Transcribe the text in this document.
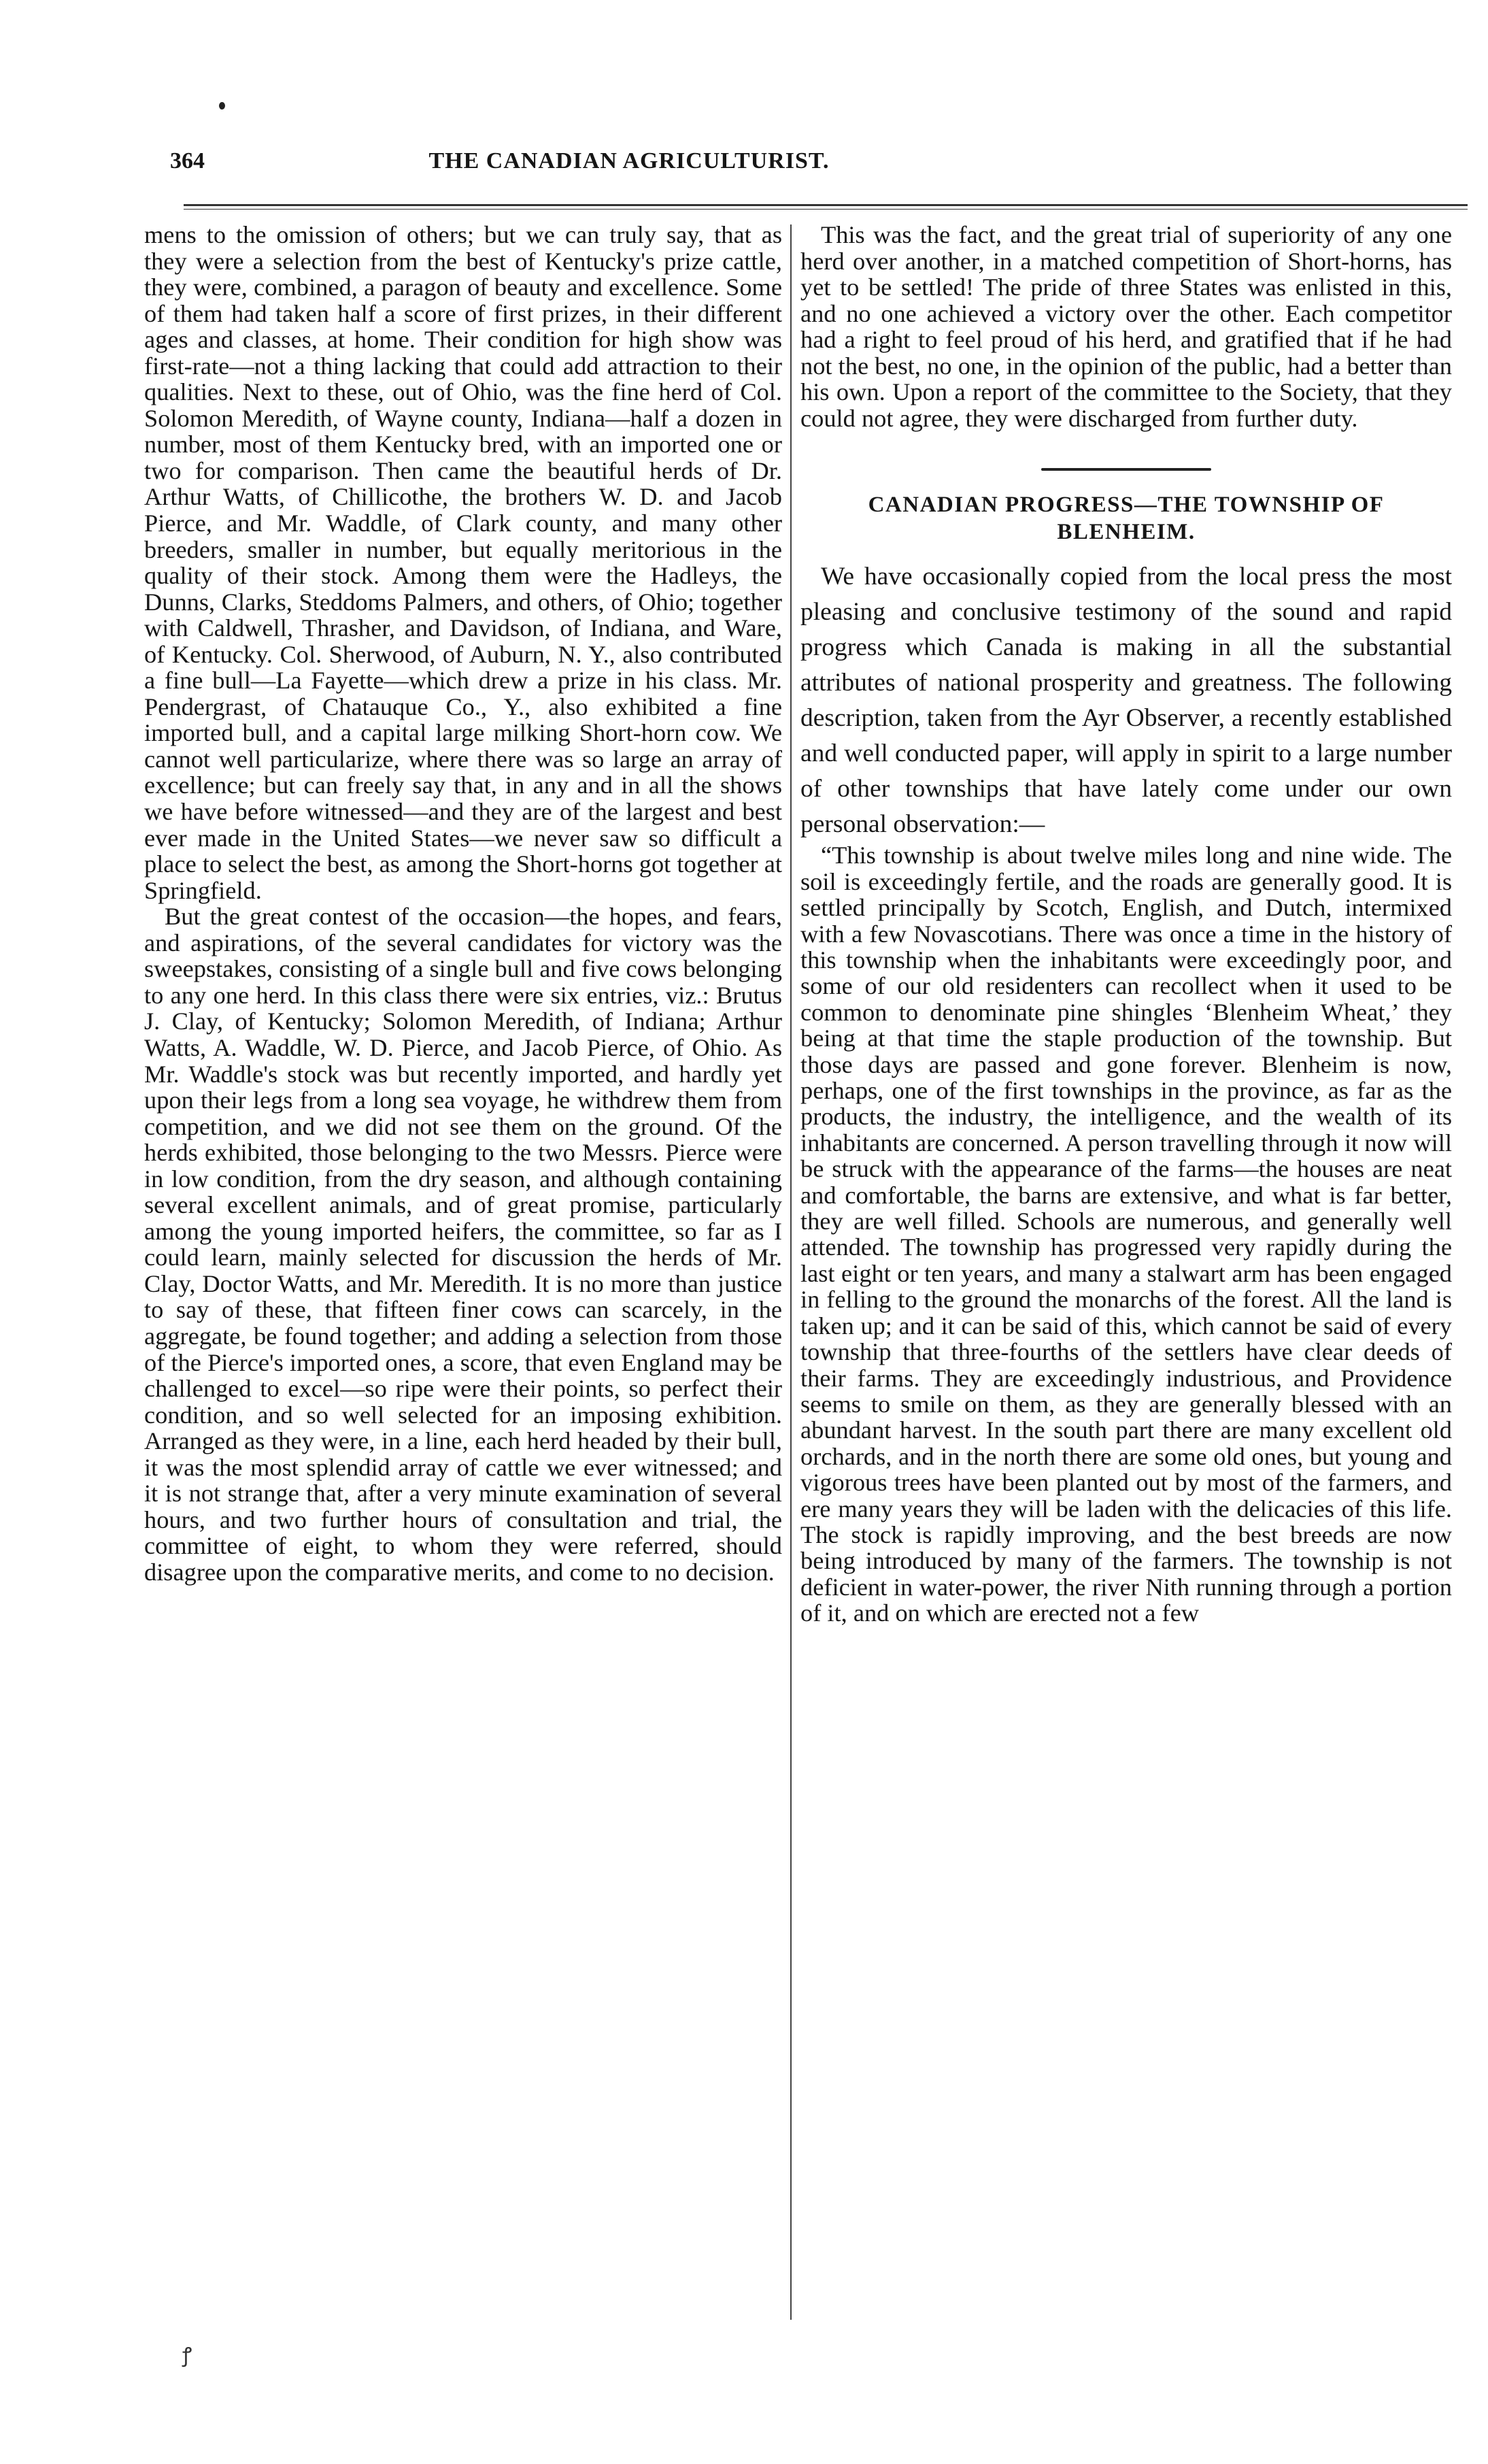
364	THE CANADIAN AGRICULTURIST.

mens to the omission of others; but we can truly say, that as they were a selection from the best of Kentucky's prize cattle, they were, combined, a paragon of beauty and excellence. Some of them had taken half a score of first prizes, in their different ages and classes, at home. Their condition for high show was first-rate—not a thing lacking that could add attraction to their qualities. Next to these, out of Ohio, was the fine herd of Col. Solomon Meredith, of Wayne county, Indiana—half a dozen in number, most of them Kentucky bred, with an imported one or two for comparison. Then came the beautiful herds of Dr. Arthur Watts, of Chillicothe, the brothers W. D. and Jacob Pierce, and Mr. Waddle, of Clark county, and many other breeders, smaller in number, but equally meritorious in the quality of their stock. Among them were the Hadleys, the Dunns, Clarks, Steddoms Palmers, and others, of Ohio; together with Caldwell, Thrasher, and Davidson, of Indiana, and Ware, of Kentucky. Col. Sherwood, of Auburn, N. Y., also contributed a fine bull—La Fayette—which drew a prize in his class. Mr. Pendergrast, of Chatauque Co., Y., also exhibited a fine imported bull, and a capital large milking Short-horn cow. We cannot well particularize, where there was so large an array of excellence; but can freely say that, in any and in all the shows we have before witnessed—and they are of the largest and best ever made in the United States—we never saw so difficult a place to select the best, as among the Short-horns got together at Springfield.

But the great contest of the occasion—the hopes, and fears, and aspirations, of the several candidates for victory was the sweepstakes, consisting of a single bull and five cows belonging to any one herd. In this class there were six entries, viz.: Brutus J. Clay, of Kentucky; Solomon Meredith, of Indiana; Arthur Watts, A. Waddle, W. D. Pierce, and Jacob Pierce, of Ohio. As Mr. Waddle's stock was but recently imported, and hardly yet upon their legs from a long sea voyage, he withdrew them from competition, and we did not see them on the ground. Of the herds exhibited, those belonging to the two Messrs. Pierce were in low condition, from the dry season, and although containing several excellent animals, and of great promise, particularly among the young imported heifers, the committee, so far as I could learn, mainly selected for discussion the herds of Mr. Clay, Doctor Watts, and Mr. Meredith. It is no more than justice to say of these, that fifteen finer cows can scarcely, in the aggregate, be found together; and adding a selection from those of the Pierce's imported ones, a score, that even England may be challenged to excel—so ripe were their points, so perfect their condition, and so well selected for an imposing exhibition. Arranged as they were, in a line, each herd headed by their bull, it was the most splendid array of cattle we ever witnessed; and it is not strange that, after a very minute examination of several hours, and two further hours of consultation and trial, the committee of eight, to whom they were referred, should disagree upon the comparative merits, and come to no decision.

This was the fact, and the great trial of superiority of any one herd over another, in a matched competition of Short-horns, has yet to be settled! The pride of three States was enlisted in this, and no one achieved a victory over the other. Each competitor had a right to feel proud of his herd, and gratified that if he had not the best, no one, in the opinion of the public, had a better than his own. Upon a report of the committee to the Society, that they could not agree, they were discharged from further duty.

CANADIAN PROGRESS—THE TOWNSHIP OF BLENHEIM.

We have occasionally copied from the local press the most pleasing and conclusive testimony of the sound and rapid progress which Canada is making in all the substantial attributes of national prosperity and greatness. The following description, taken from the Ayr Observer, a recently established and well conducted paper, will apply in spirit to a large number of other townships that have lately come under our own personal observation:—

“This township is about twelve miles long and nine wide. The soil is exceedingly fertile, and the roads are generally good. It is settled principally by Scotch, English, and Dutch, intermixed with a few Novascotians. There was once a time in the history of this township when the inhabitants were exceedingly poor, and some of our old residenters can recollect when it used to be common to denominate pine shingles ‘Blenheim Wheat,’ they being at that time the staple production of the township. But those days are passed and gone forever. Blenheim is now, perhaps, one of the first townships in the province, as far as the products, the industry, the intelligence, and the wealth of its inhabitants are concerned. A person travelling through it now will be struck with the appearance of the farms—the houses are neat and comfortable, the barns are extensive, and what is far better, they are well filled. Schools are numerous, and generally well attended. The township has progressed very rapidly during the last eight or ten years, and many a stalwart arm has been engaged in felling to the ground the monarchs of the forest. All the land is taken up; and it can be said of this, which cannot be said of every township that three-fourths of the settlers have clear deeds of their farms. They are exceedingly industrious, and Providence seems to smile on them, as they are generally blessed with an abundant harvest. In the south part there are many excellent old orchards, and in the north there are some old ones, but young and vigorous trees have been planted out by most of the farmers, and ere many years they will be laden with the delicacies of this life. The stock is rapidly improving, and the best breeds are now being introduced by many of the farmers. The township is not deficient in water-power, the river Nith running through a portion of it, and on which are erected not a few

ꝭ
